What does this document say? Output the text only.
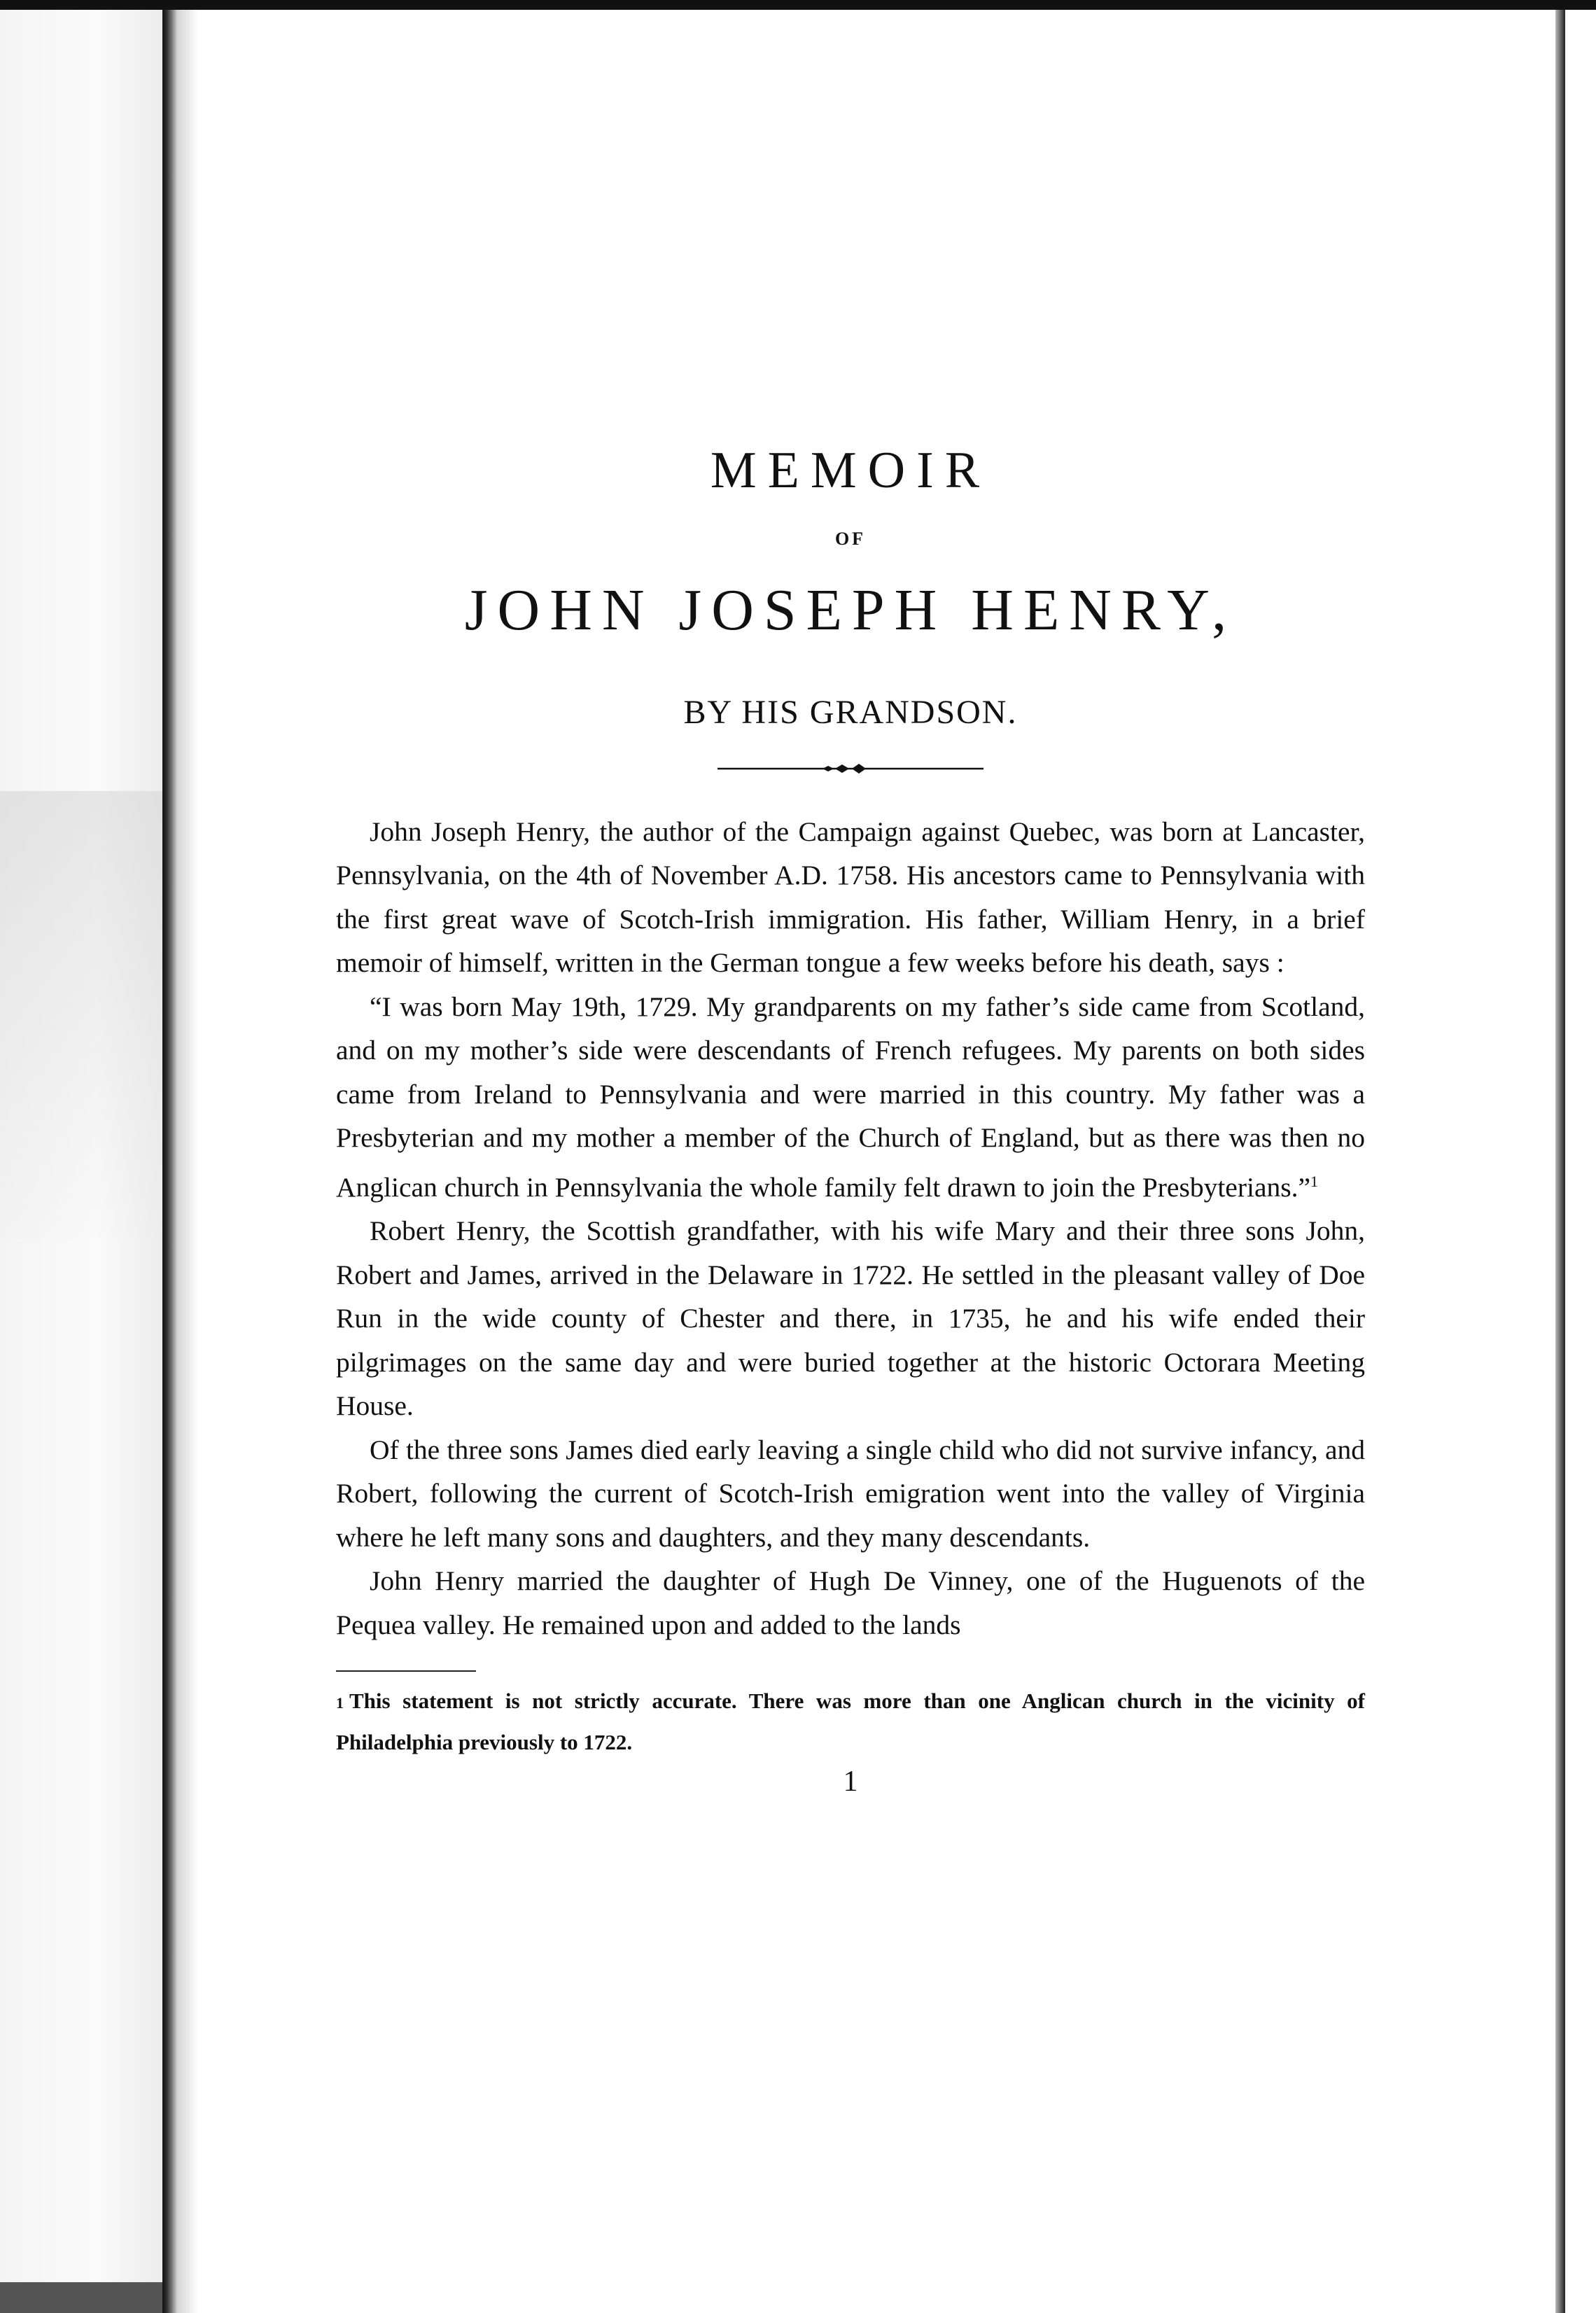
MEMOIR
OF
JOHN JOSEPH HENRY,
BY HIS GRANDSON.

John Joseph Henry, the author of the Campaign against Quebec, was born at Lancaster, Pennsylvania, on the 4th of November A.D. 1758. His ancestors came to Pennsylvania with the first great wave of Scotch-Irish immigration. His father, William Henry, in a brief memoir of himself, written in the German tongue a few weeks before his death, says :

“I was born May 19th, 1729. My grandparents on my father’s side came from Scotland, and on my mother’s side were descendants of French refugees. My parents on both sides came from Ireland to Pennsylvania and were married in this country. My father was a Presbyterian and my mother a member of the Church of England, but as there was then no Anglican church in Pennsylvania the whole family felt drawn to join the Presbyterians.”$^1$

Robert Henry, the Scottish grandfather, with his wife Mary and their three sons John, Robert and James, arrived in the Delaware in 1722. He settled in the pleasant valley of Doe Run in the wide county of Chester and there, in 1735, he and his wife ended their pilgrimages on the same day and were buried together at the historic Octorara Meeting House.

Of the three sons James died early leaving a single child who did not survive infancy, and Robert, following the current of Scotch-Irish emigration went into the valley of Virginia where he left many sons and daughters, and they many descendants.

John Henry married the daughter of Hugh De Vinney, one of the Huguenots of the Pequea valley. He remained upon and added to the lands

1 This statement is not strictly accurate. There was more than one Anglican church in the vicinity of Philadelphia previously to 1722.
1
